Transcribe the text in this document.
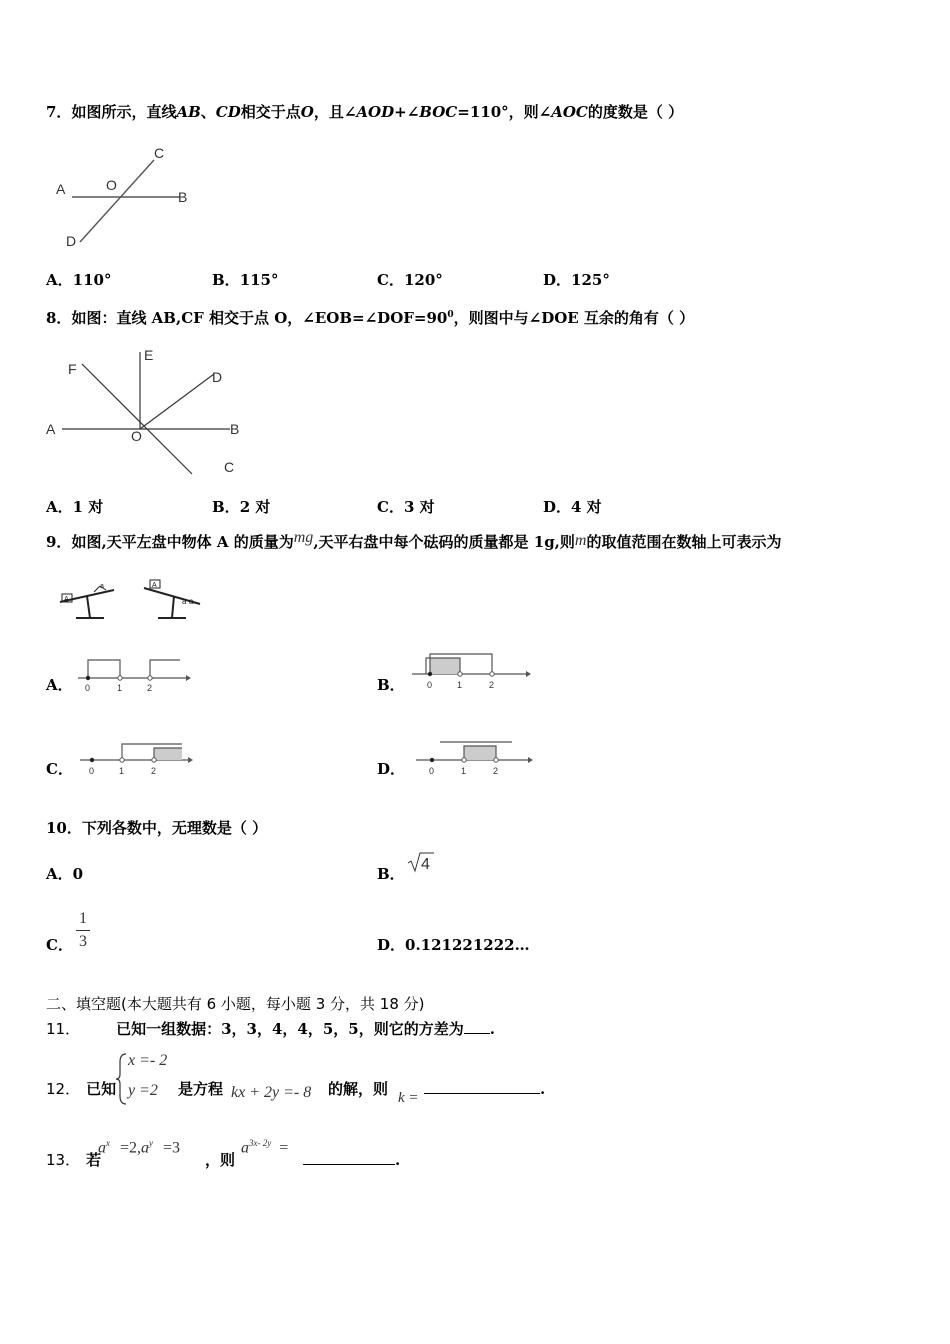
7．如图所示，直线AB、CD相交于点O，且∠AOD+∠BOC=110°，则∠AOC的度数是（ ）
A	O
B
C
D
A．110°	B．115°	C．120°	D．125°
8．如图：直线 AB,CF 相交于点 O，$\angle EOB=\angle DOF=90^0$，则图中与∠DOE 互余的角有（ ）
F
E
D
A	O	B
C
A．1 对	B．2 对	C．3 对	D．4 对
9．如图,天平左盘中物体 A 的质量为mg,天平右盘中每个砝码的质量都是 1g,则m的取值范围在数轴上可表示为
A
a	A
a a
A． 0	1	2	B． 0	1	2
C． 0	1	2	D．	0	1	2
10．下列各数中，无理数是（ ）
A．0	B．
4
C．
1
3	D．0.121221222…
二、填空题(本大题共有 6 小题，每小题 3 分，共 18 分)
11． 已知一组数据：3，3，4，4，5，5，则它的方差为 .
12． 已知
x =- 2
y =2 是方程 kx + 2y =- 8 的解，则 k =	.
13． 若
$a^x =2,a^y =3$
，则
$a^{3x- 2y}$ =
.
